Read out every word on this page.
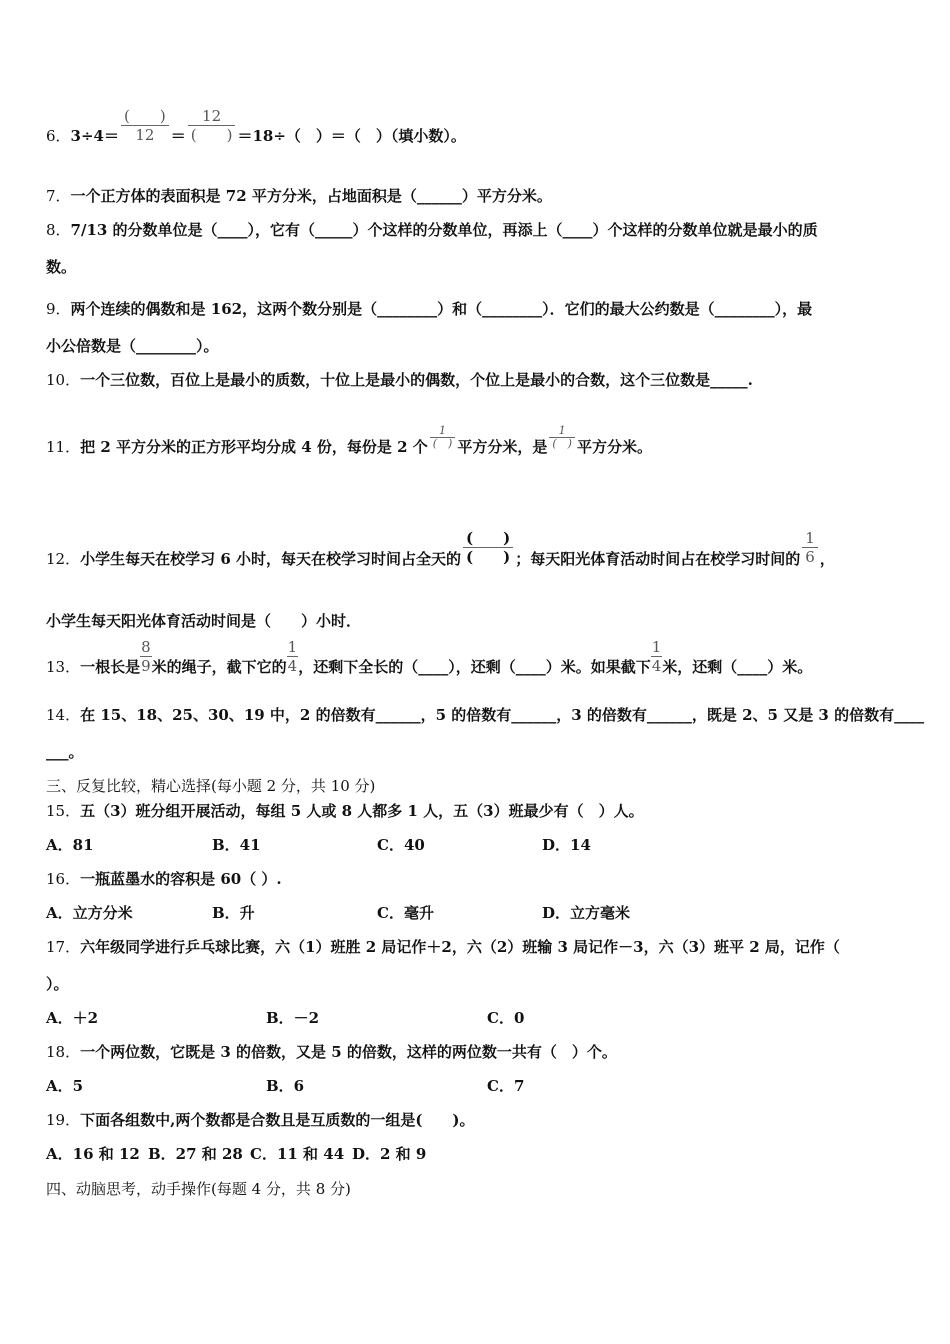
6．$3\div 4= \frac{( )}{12} = \frac{12}{( )} =18\div$（　）＝（　）（填小数）。
7．一个正方体的表面积是 72 平方分米，占地面积是（______）平方分米。
8．7/13 的分数单位是（____），它有（_____）个这样的分数单位，再添上（____）个这样的分数单位就是最小的质
数。
9．两个连续的偶数和是 162，这两个数分别是（________）和（________）．它们的最大公约数是（________），最
小公倍数是（________）。
10．一个三位数，百位上是最小的质数，十位上是最小的偶数，个位上是最小的合数，这个三位数是_____.
11．把 2 平方分米的正方形平均分成 4 份，每份是 2 个 $\frac{1}{( )}$ 平方分米，是 $\frac{1}{( )}$ 平方分米。
12．小学生每天在校学习 6 小时，每天在校学习时间占全天的 $\frac{( )}{( )}$ ；每天阳光体育活动时间占在校学习时间的 $\frac{1}{6}$ ，
小学生每天阳光体育活动时间是（　　）小时．
13．一根长是 $\frac{8}{9}$ 米的绳子，截下它的 $\frac{1}{4}$ ，还剩下全长的（____），还剩（____）米。如果截下 $\frac{1}{4}$ 米，还剩（____）米。
14．在 15、18、25、30、19 中，2 的倍数有______，5 的倍数有______，3 的倍数有______，既是 2、5 又是 3 的倍数有____
___。
三、反复比较，精心选择(每小题 2 分，共 10 分)
15．五（3）班分组开展活动，每组 5 人或 8 人都多 1 人，五（3）班最少有（　）人。
A．81	B．41	C．40	D．14
16．一瓶蓝墨水的容积是 60（ ）.
A．立方分米	B．升	C．毫升	D．立方毫米
17．六年级同学进行乒乓球比赛，六（1）班胜 2 局记作＋2，六（2）班输 3 局记作－3，六（3）班平 2 局，记作（
）。
A．＋2	B．－2	C．0
18．一个两位数，它既是 3 的倍数，又是 5 的倍数，这样的两位数一共有（　）个。
A．5	B．6	C．7
19．下面各组数中,两个数都是合数且是互质数的一组是(　　)。
A．16 和 12 B．27 和 28 C．11 和 44 D．2 和 9
四、动脑思考，动手操作(每题 4 分，共 8 分)
